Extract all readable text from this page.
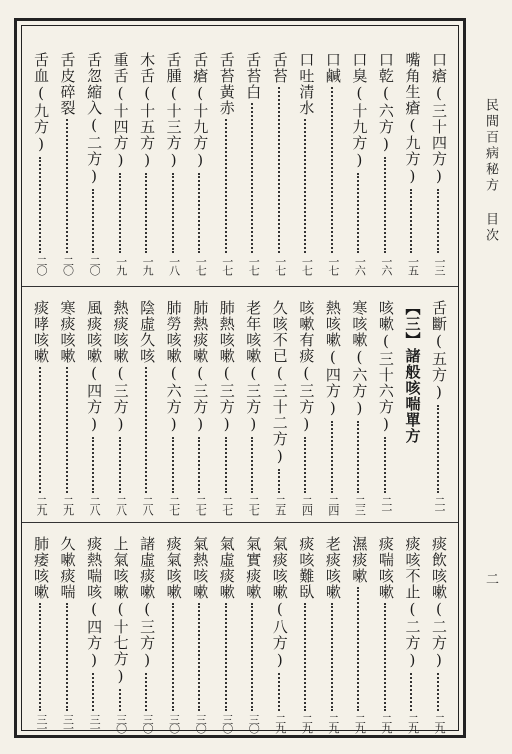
口瘡(三十四方)
一三
嘴角生瘡(九方)
一五
口乾(六方)
一六
口臭(十九方)
一六
口鹹
一七
口吐清水
一七
舌苔
一七
舌苔白
一七
舌苔黃赤
一七
舌瘡(十九方)
一七
舌腫(十三方)
一八
木舌(十五方)
一九
重舌(十四方)
一九
舌忽縮入(二方)
二〇
舌皮碎裂
二〇
舌血(九方)
二〇
舌斷(五方)
二一
【三】諸般咳喘單方
咳嗽(三十六方)
二一
寒咳嗽(六方)
二三
熱咳嗽(四方)
二四
咳嗽有痰(三方)
二四
久咳不已(三十二方)
二五
老年咳嗽(三方)
二七
肺熱咳嗽(三方)
二七
肺熱痰嗽(三方)
二七
肺勞咳嗽(六方)
二七
陰虛久咳
二八
熱痰咳嗽(三方)
二八
風痰咳嗽(四方)
二八
寒痰咳嗽
二九
痰哮咳嗽
二九
痰飲咳嗽(二方)
二九
痰咳不止(二方)
二九
痰喘咳嗽
二九
濕痰嗽
二九
老痰咳嗽
二九
痰咳難臥
二九
氣痰咳嗽(八方)
二九
氣實痰嗽
三〇
氣虛痰嗽
三〇
氣熱咳嗽
三〇
痰氣咳嗽
三〇
諸虛痰嗽(三方)
三〇
上氣咳嗽(十七方)
三〇
痰熱喘咳(四方)
三一
久嗽痰喘
三一
肺痿咳嗽
三一
民間百病秘方 目次
二
